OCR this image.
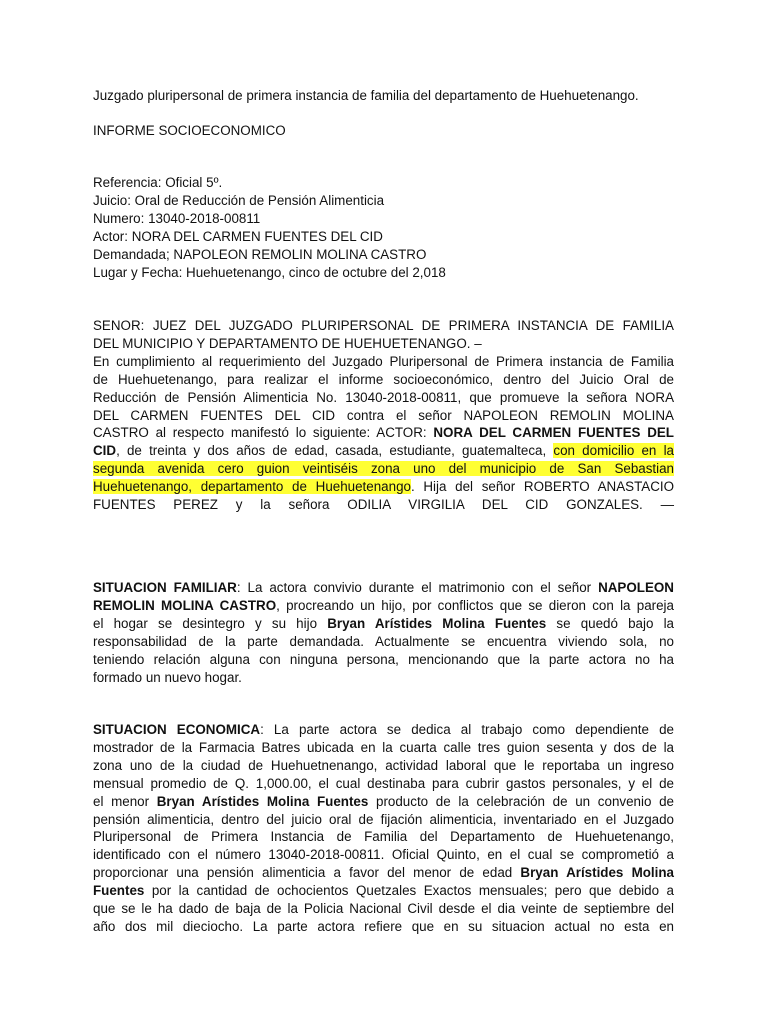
Juzgado pluripersonal de primera instancia de familia del departamento de Huehuetenango.
INFORME SOCIOECONOMICO
Referencia: Oficial 5º.
Juicio: Oral de Reducción de Pensión Alimenticia
Numero: 13040-2018-00811
Actor: NORA DEL CARMEN FUENTES DEL CID
Demandada; NAPOLEON REMOLIN MOLINA CASTRO
Lugar y Fecha: Huehuetenango, cinco de octubre del 2,018
SENOR: JUEZ DEL JUZGADO PLURIPERSONAL DE PRIMERA INSTANCIA DE FAMILIA
DEL MUNICIPIO Y DEPARTAMENTO DE HUEHUETENANGO. –
En cumplimiento al requerimiento del Juzgado Pluripersonal de Primera instancia de Familia
de Huehuetenango, para realizar el informe socioeconómico, dentro del Juicio Oral de
Reducción de Pensión Alimenticia No. 13040-2018-00811, que promueve la señora NORA
DEL CARMEN FUENTES DEL CID contra el señor NAPOLEON REMOLIN MOLINA
CASTRO al respecto manifestó lo siguiente: ACTOR: NORA DEL CARMEN FUENTES DEL
CID, de treinta y dos años de edad, casada, estudiante, guatemalteca, con domicilio en la
segunda avenida cero guion veintiséis zona uno del municipio de San Sebastian
Huehuetenango, departamento de Huehuetenango. Hija del señor ROBERTO ANASTACIO
FUENTES PEREZ y la señora ODILIA VIRGILIA DEL CID GONZALES. —
SITUACION FAMILIAR: La actora convivio durante el matrimonio con el señor NAPOLEON
REMOLIN MOLINA CASTRO, procreando un hijo, por conflictos que se dieron con la pareja
el hogar se desintegro y su hijo Bryan Arístides Molina Fuentes se quedó bajo la
responsabilidad de la parte demandada. Actualmente se encuentra viviendo sola, no
teniendo relación alguna con ninguna persona, mencionando que la parte actora no ha
formado un nuevo hogar.
SITUACION ECONOMICA: La parte actora se dedica al trabajo como dependiente de
mostrador de la Farmacia Batres ubicada en la cuarta calle tres guion sesenta y dos de la
zona uno de la ciudad de Huehuetnenango, actividad laboral que le reportaba un ingreso
mensual promedio de Q. 1,000.00, el cual destinaba para cubrir gastos personales, y el de
el menor Bryan Arístides Molina Fuentes producto de la celebración de un convenio de
pensión alimenticia, dentro del juicio oral de fijación alimenticia, inventariado en el Juzgado
Pluripersonal de Primera Instancia de Familia del Departamento de Huehuetenango,
identificado con el número 13040-2018-00811. Oficial Quinto, en el cual se comprometió a
proporcionar una pensión alimenticia a favor del menor de edad Bryan Arístides Molina
Fuentes por la cantidad de ochocientos Quetzales Exactos mensuales; pero que debido a
que se le ha dado de baja de la Policia Nacional Civil desde el dia veinte de septiembre del
año dos mil dieciocho. La parte actora refiere que en su situacion actual no esta en
